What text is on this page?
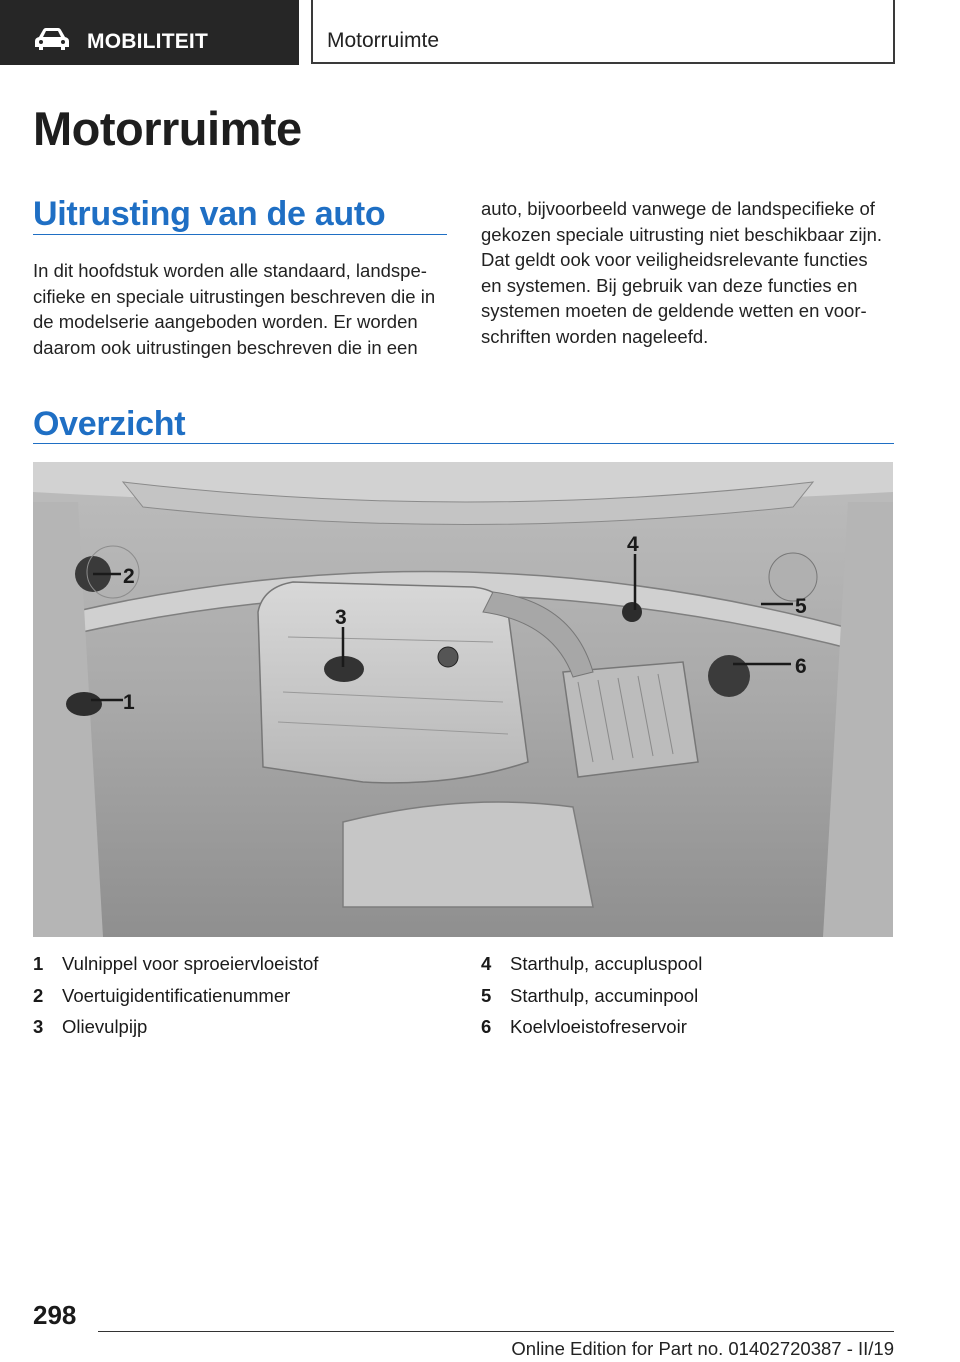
MOBILITEIT	Motorruimte
Motorruimte
Uitrusting van de auto
In dit hoofdstuk worden alle standaard, landspe-
cifieke en speciale uitrustingen beschreven die in
de modelserie aangeboden worden. Er worden
daarom ook uitrustingen beschreven die in een
auto, bijvoorbeeld vanwege de landspecifieke of
gekozen speciale uitrusting niet beschikbaar zijn.
Dat geldt ook voor veiligheidsrelevante functies
en systemen. Bij gebruik van deze functies en
systemen moeten de geldende wetten en voor-
schriften worden nageleefd.
Overzicht
1
2
3
4
5
6
1	Vulnippel voor sproeiervloeistof
2	Voertuigidentificatienummer
3	Olievulpijp
4	Starthulp, accupluspool
5	Starthulp, accuminpool
6	Koelvloeistofreservoir
298
Online Edition for Part no. 01402720387 - II/19
